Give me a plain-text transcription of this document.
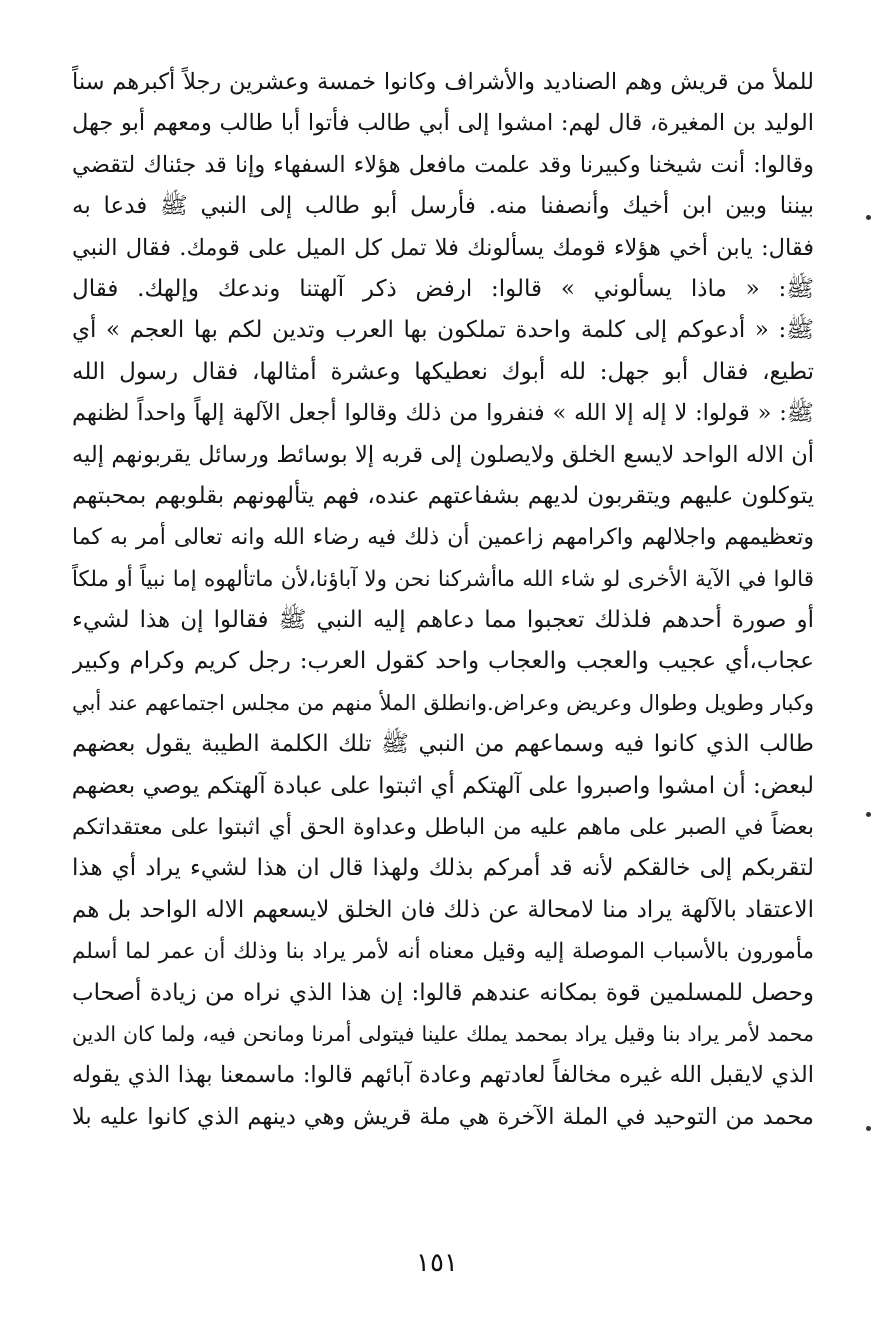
للملأ من قريش وهم الصناديد والأشراف وكانوا خمسة وعشرين رجلاً أكبرهم سناً
الوليد بن المغيرة، قال لهم: امشوا إلى أبي طالب فأتوا أبا طالب ومعهم أبو جهل
وقالوا: أنت شيخنا وكبيرنا وقد علمت مافعل هؤلاء السفهاء وإنا قد جئناك لتقضي
بيننا وبين ابن أخيك وأنصفنا منه. فأرسل أبو طالب إلى النبي ﷺ فدعا به
فقال: يابن أخي هؤلاء قومك يسألونك فلا تمل كل الميل على قومك. فقال النبي
ﷺ: « ماذا يسألوني » قالوا: ارفض ذكر آلهتنا وندعك وإلهك. فقال
ﷺ: « أدعوكم إلى كلمة واحدة تملكون بها العرب وتدين لكم بها العجم » أي
تطيع، فقال أبو جهل: لله أبوك نعطيكها وعشرة أمثالها، فقال رسول الله
ﷺ: « قولوا: لا إله إلا الله » فنفروا من ذلك وقالوا أجعل الآلهة إلهاً واحداً لظنهم
أن الاله الواحد لايسع الخلق ولايصلون إلى قربه إلا بوسائط ورسائل يقربونهم إليه
يتوكلون عليهم ويتقربون لديهم بشفاعتهم عنده، فهم يتألهونهم بقلوبهم بمحبتهم
وتعظيمهم واجلالهم واكرامهم زاعمين أن ذلك فيه رضاء الله وانه تعالى أمر به كما
قالوا في الآية الأخرى لو شاء الله ماأشركنا نحن ولا آباؤنا،لأن ماتألهوه إما نبياً أو ملكاً
أو صورة أحدهم فلذلك تعجبوا مما دعاهم إليه النبي ﷺ فقالوا إن هذا لشيء
عجاب،أي عجيب والعجب والعجاب واحد كقول العرب: رجل كريم وكرام وكبير
وكبار وطويل وطوال وعريض وعراض.وانطلق الملأ منهم من مجلس اجتماعهم عند أبي
طالب الذي كانوا فيه وسماعهم من النبي ﷺ تلك الكلمة الطيبة يقول بعضهم
لبعض: أن امشوا واصبروا على آلهتكم أي اثبتوا على عبادة آلهتكم يوصي بعضهم
بعضاً في الصبر على ماهم عليه من الباطل وعداوة الحق أي اثبتوا على معتقداتكم
لتقربكم إلى خالقكم لأنه قد أمركم بذلك ولهذا قال ان هذا لشيء يراد أي هذا
الاعتقاد بالآلهة يراد منا لامحالة عن ذلك فان الخلق لايسعهم الاله الواحد بل هم
مأمورون بالأسباب الموصلة إليه وقيل معناه أنه لأمر يراد بنا وذلك أن عمر لما أسلم
وحصل للمسلمين قوة بمكانه عندهم قالوا: إن هذا الذي نراه من زيادة أصحاب
محمد لأمر يراد بنا وقيل يراد بمحمد يملك علينا فيتولى أمرنا ومانحن فيه، ولما كان الدين
الذي لايقبل الله غيره مخالفاً لعادتهم وعادة آبائهم قالوا: ماسمعنا بهذا الذي يقوله
محمد من التوحيد في الملة الآخرة هي ملة قريش وهي دينهم الذي كانوا عليه بلا
١٥١
